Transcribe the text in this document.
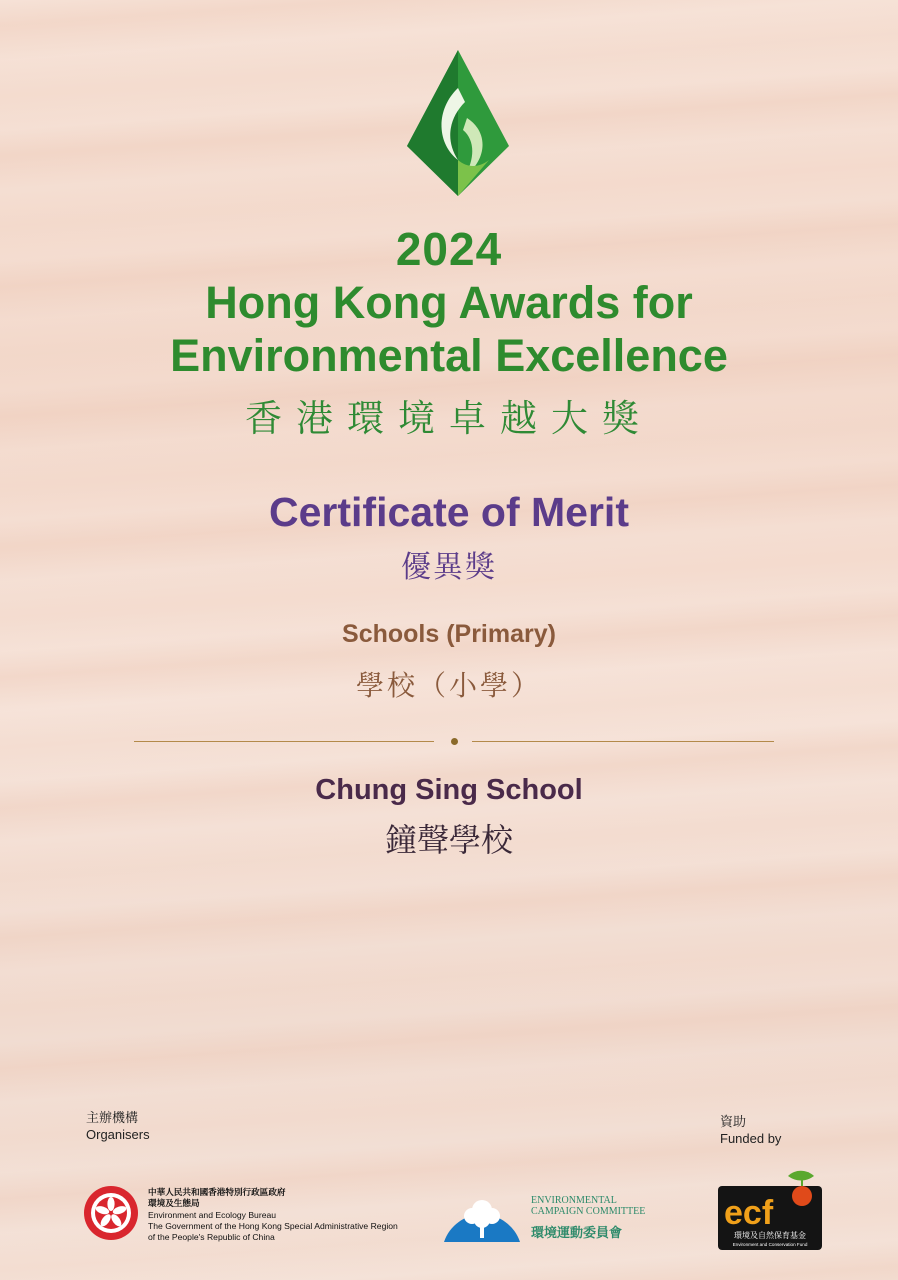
2024
Hong Kong Awards for
Environmental Excellence
香港環境卓越大獎
Certificate of Merit
優異獎
Schools (Primary)
學校（小學）
Chung Sing School
鐘聲學校
主辦機構
Organisers
中華人民共和國香港特別行政區政府
環境及生態局
Environment and Ecology Bureau
The Government of the Hong Kong Special Administrative Region
of the People's Republic of China
ENVIRONMENTAL
CAMPAIGN COMMITTEE
環境運動委員會
資助
Funded by
ecf
環境及自然保育基金
Environment and Conservation Fund
